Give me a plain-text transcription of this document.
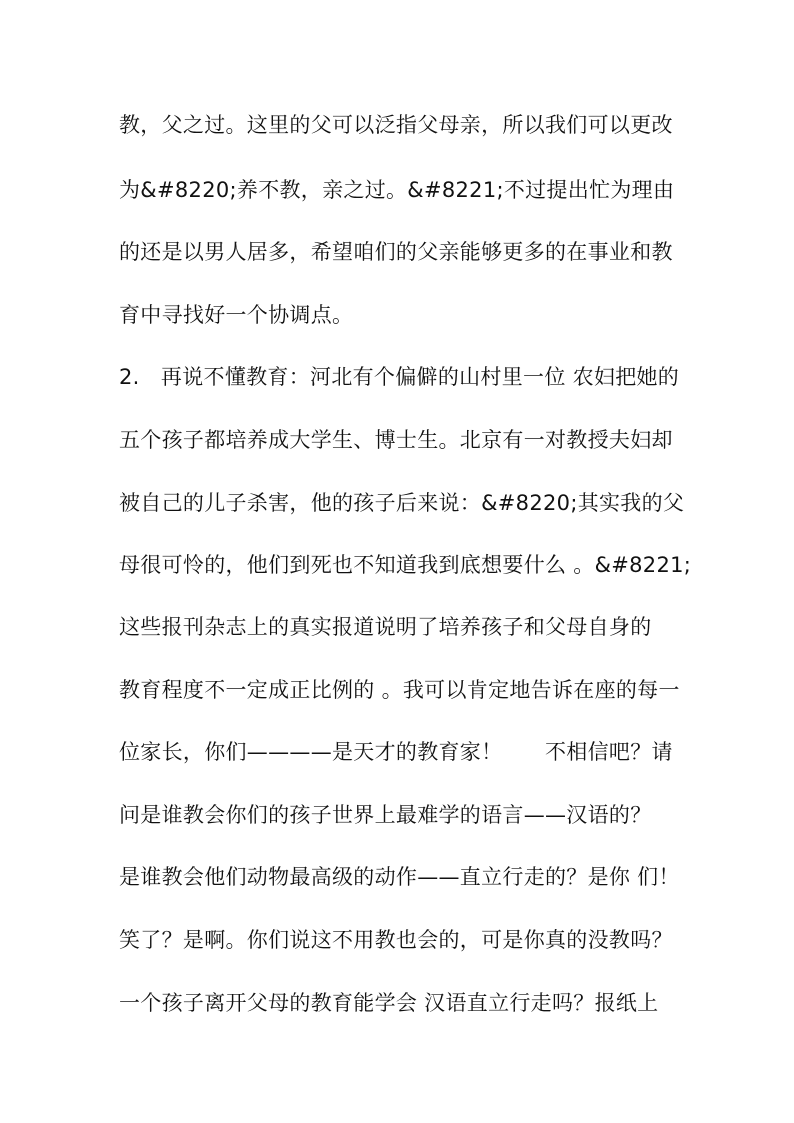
教，父之过。这里的父可以泛指父母亲，所以我们可以更改
为&#8220;养不教，亲之过。&#8221;不过提出忙为理由
的还是以男人居多，希望咱们的父亲能够更多的在事业和教
育中寻找好一个协调点。
2.　再说不懂教育：河北有个偏僻的山村里一位 农妇把她的
五个孩子都培养成大学生、博士生。北京有一对教授夫妇却
被自己的儿子杀害，他的孩子后来说：&#8220;其实我的父
母很可怜的，他们到死也不知道我到底想要什么 。&#8221;
这些报刊杂志上的真实报道说明了培养孩子和父母自身的
教育程度不一定成正比例的 。我可以肯定地告诉在座的每一
位家长，你们————是天才的教育家！　　不相信吧？请
问是谁教会你们的孩子世界上最难学的语言——汉语的？
是谁教会他们动物最高级的动作——直立行走的？是你 们！
笑了？是啊。你们说这不用教也会的，可是你真的没教吗？
一个孩子离开父母的教育能学会 汉语直立行走吗？报纸上
